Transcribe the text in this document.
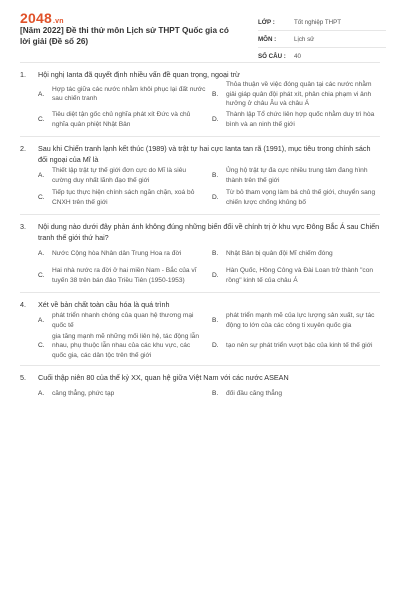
2048.vn
[Năm 2022] Đề thi thử môn Lịch sử THPT Quốc gia có lời giải (Đề số 26)
LỚP :	Tốt nghiệp THPT
MÔN :	Lịch sử
SỐ CÂU :	40
1.	Hội nghị Ianta đã quyết định nhiều vấn đề quan trọng, ngoại trừ
A.
Hợp tác giữa các nước nhằm khôi phục lại đất nước sau chiến tranh
B.
Thỏa thuận về việc đóng quân tại các nước nhằm giải giáp quân đội phát xít, phân chia phạm vi ảnh hưởng ở châu Âu và châu Á
C.
Tiêu diệt tận gốc chủ nghĩa phát xít Đức và chủ nghĩa quân phiệt Nhật Bản
D.
Thành lập Tổ chức liên hợp quốc nhằm duy trì hòa bình và an ninh thế giới
2.	Sau khi Chiến tranh lạnh kết thúc (1989) và trật tự hai cực Ianta tan rã (1991), mục tiêu trong chính sách đối ngoại của Mĩ là
A.
Thiết lập trật tự thế giới đơn cực do Mĩ là siêu cường duy nhất lãnh đạo thế giới
B.
Ủng hộ trật tự đa cực nhiều trung tâm đang hình thành trên thế giới
C.
Tiếp tục thực hiện chính sách ngăn chặn, xoá bỏ CNXH trên thế giới
D.
Từ bỏ tham vọng làm bá chủ thế giới, chuyển sang chiến lược chống khủng bố
3.	Nội dung nào dưới đây phản ánh không đúng những biến đổi về chính trị ở khu vực Đông Bắc Á sau Chiến tranh thế giới thứ hai?
A.	Nước Cộng hòa Nhân dân Trung Hoa ra đời	B.	Nhật Bản bị quân đội Mĩ chiếm đóng
C.
Hai nhà nước ra đời ở hai miền Nam - Bắc của vĩ tuyến 38 trên bán đảo Triều Tiên (1950-1953)
D.
Hàn Quốc, Hồng Công và Đài Loan trở thành "con rồng" kinh tế của châu Á
4.	Xét về bản chất toàn cầu hóa là quá trình
A.
phát triển nhanh chóng của quan hệ thương mại quốc tế
B.
phát triển mạnh mẽ của lực lượng sản xuất, sự tác động to lớn của các công ti xuyên quốc gia
C.
gia tăng mạnh mẽ những mối liên hệ, tác động lẫn nhau, phụ thuộc lẫn nhau của các khu vực, các quốc gia, các dân tộc trên thế giới
D.	tạo nên sự phát triển vượt bậc của kinh tế thế giới
5.	Cuối thập niên 80 của thế kỷ XX, quan hệ giữa Việt Nam với các nước ASEAN
A.	căng thẳng, phức tạp	B.	đối đầu căng thẳng
